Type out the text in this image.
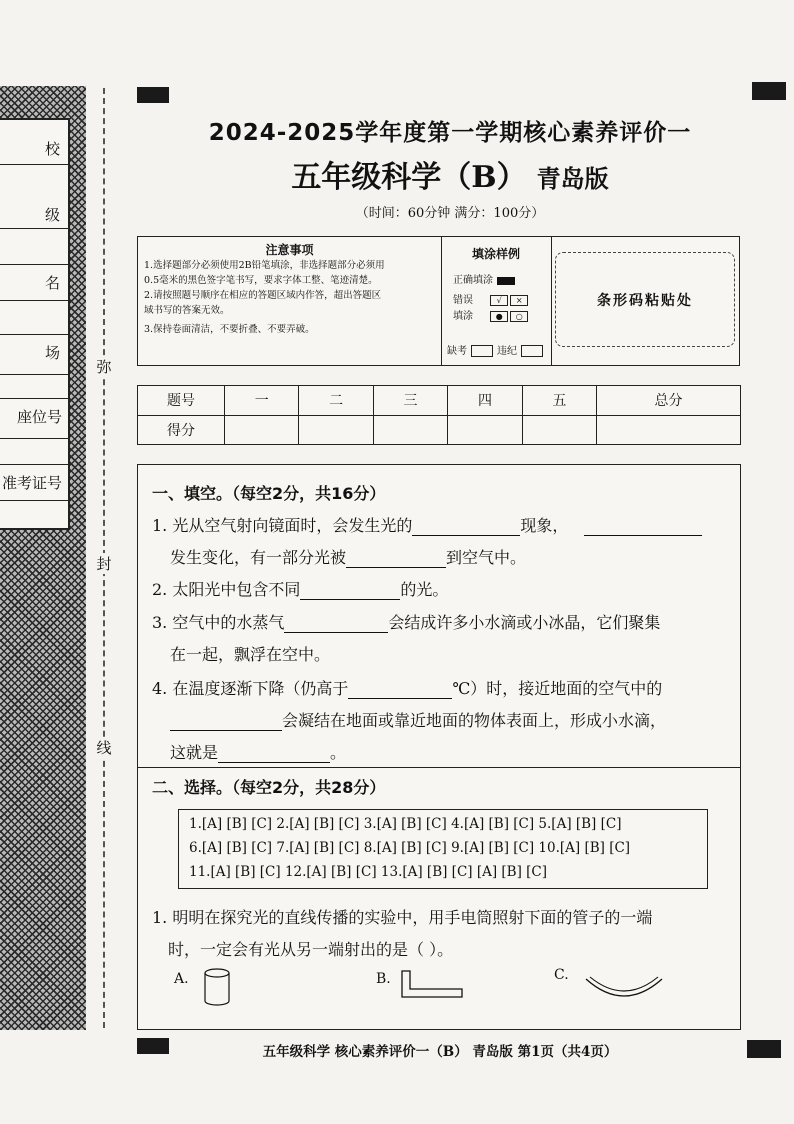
校
级
名
场
座位号
准考证号
弥
封
线
2024-2025学年度第一学期核心素养评价一
五年级科学（B） 青岛版
（时间：60分钟 满分：100分）
注意事项
1.选择题部分必须使用2B铅笔填涂，非选择题部分必须用
0.5毫米的黑色签字笔书写，要求字体工整、笔迹清楚。
2.请按照题号顺序在相应的答题区域内作答，超出答题区
域书写的答案无效。
3.保持卷面清洁，不要折叠、不要弄破。
填涂样例
正确填涂
错误	√ ×
填涂	● ○
缺考	违纪
条形码粘贴处
题号	一	二	三	四	五	总分
得分						
一、填空。（每空2分，共16分）
1. 光从空气射向镜面时，会发生光的	现象，
发生变化，有一部分光被	到空气中。
2. 太阳光中包含不同	的光。
3. 空气中的水蒸气	会结成许多小水滴或小冰晶，它们聚集
在一起，飘浮在空中。
4. 在温度逐渐下降（仍高于	℃）时，接近地面的空气中的
会凝结在地面或靠近地面的物体表面上，形成小水滴，
这就是	。
二、选择。（每空2分，共28分）
1.[A] [B] [C] 2.[A] [B] [C] 3.[A] [B] [C] 4.[A] [B] [C] 5.[A] [B] [C]
6.[A] [B] [C] 7.[A] [B] [C] 8.[A] [B] [C] 9.[A] [B] [C] 10.[A] [B] [C]
11.[A] [B] [C] 12.[A] [B] [C] 13.[A] [B] [C] [A] [B] [C]
1. 明明在探究光的直线传播的实验中，用手电筒照射下面的管子的一端
时，一定会有光从另一端射出的是（ ）。
A.	B.	C.
五年级科学 核心素养评价一（B） 青岛版 第1页（共4页）
